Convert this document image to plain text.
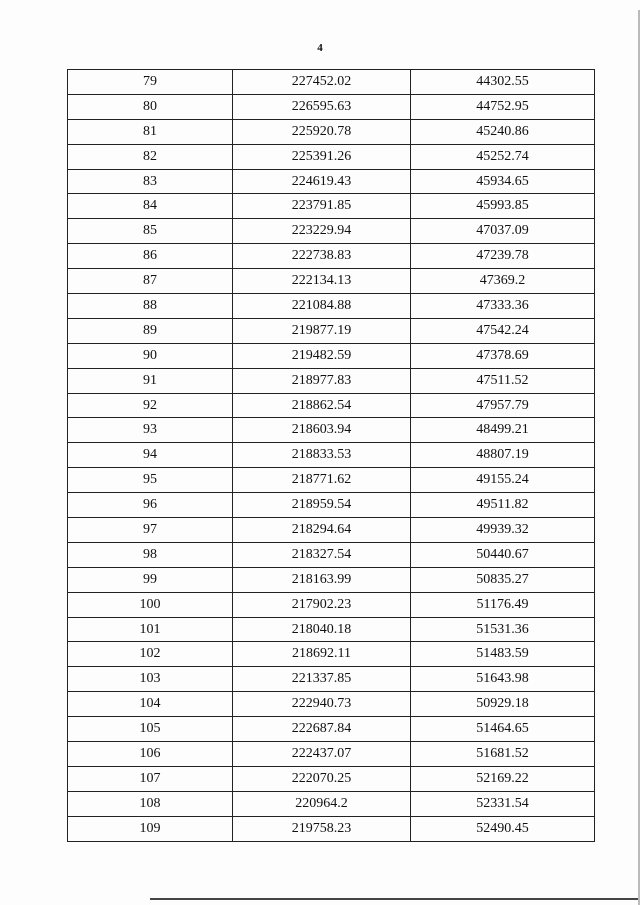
4
79	227452.02	44302.55
80	226595.63	44752.95
81	225920.78	45240.86
82	225391.26	45252.74
83	224619.43	45934.65
84	223791.85	45993.85
85	223229.94	47037.09
86	222738.83	47239.78
87	222134.13	47369.2
88	221084.88	47333.36
89	219877.19	47542.24
90	219482.59	47378.69
91	218977.83	47511.52
92	218862.54	47957.79
93	218603.94	48499.21
94	218833.53	48807.19
95	218771.62	49155.24
96	218959.54	49511.82
97	218294.64	49939.32
98	218327.54	50440.67
99	218163.99	50835.27
100	217902.23	51176.49
101	218040.18	51531.36
102	218692.11	51483.59
103	221337.85	51643.98
104	222940.73	50929.18
105	222687.84	51464.65
106	222437.07	51681.52
107	222070.25	52169.22
108	220964.2	52331.54
109	219758.23	52490.45
